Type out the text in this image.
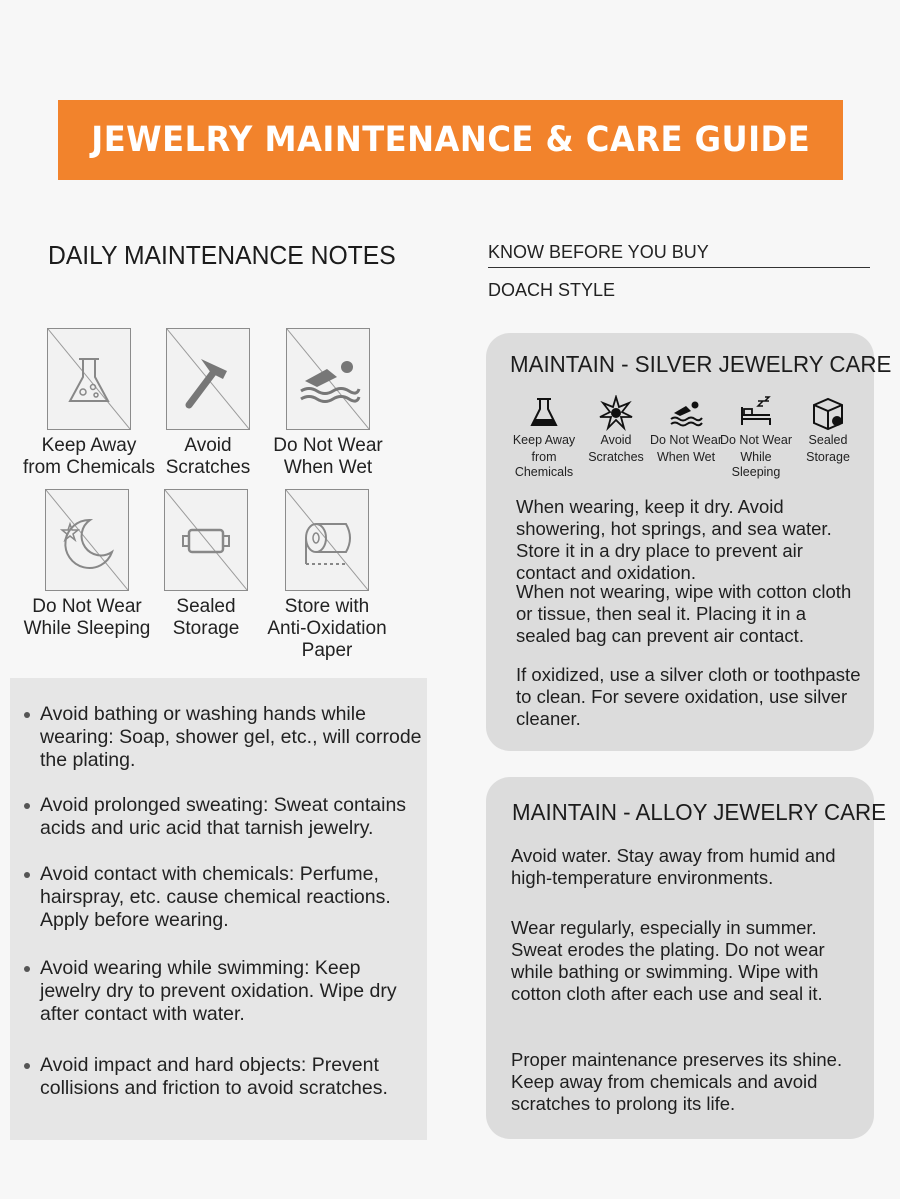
JEWELRY MAINTENANCE & CARE GUIDE
DAILY MAINTENANCE NOTES
Keep Away
from Chemicals
Avoid
Scratches
Do Not Wear
When Wet
Do Not Wear
While Sleeping
Sealed
Storage
Store with
Anti-Oxidation
Paper
Avoid bathing or washing hands while wearing: Soap, shower gel, etc., will corrode the plating.
Avoid prolonged sweating: Sweat contains acids and uric acid that tarnish jewelry.
Avoid contact with chemicals: Perfume, hairspray, etc. cause chemical reactions. Apply before wearing.
Avoid wearing while swimming: Keep jewelry dry to prevent oxidation. Wipe dry after contact with water.
Avoid impact and hard objects: Prevent collisions and friction to avoid scratches.
KNOW BEFORE YOU BUY
DOACH STYLE
MAINTAIN - SILVER JEWELRY CARE
Keep Away
from Chemicals
Avoid
Scratches
Do Not Wear
When Wet
Do Not Wear
While Sleeping
Sealed
Storage

When wearing, keep it dry. Avoid showering, hot springs, and sea water. Store it in a dry place to prevent air contact and oxidation.

When not wearing, wipe with cotton cloth or tissue, then seal it. Placing it in a sealed bag can prevent air contact.

If oxidized, use a silver cloth or toothpaste to clean. For severe oxidation, use silver cleaner.

MAINTAIN - ALLOY JEWELRY CARE

Avoid water. Stay away from humid and high-temperature environments.

Wear regularly, especially in summer. Sweat erodes the plating. Do not wear while bathing or swimming. Wipe with cotton cloth after each use and seal it.

Proper maintenance preserves its shine. Keep away from chemicals and avoid scratches to prolong its life.
